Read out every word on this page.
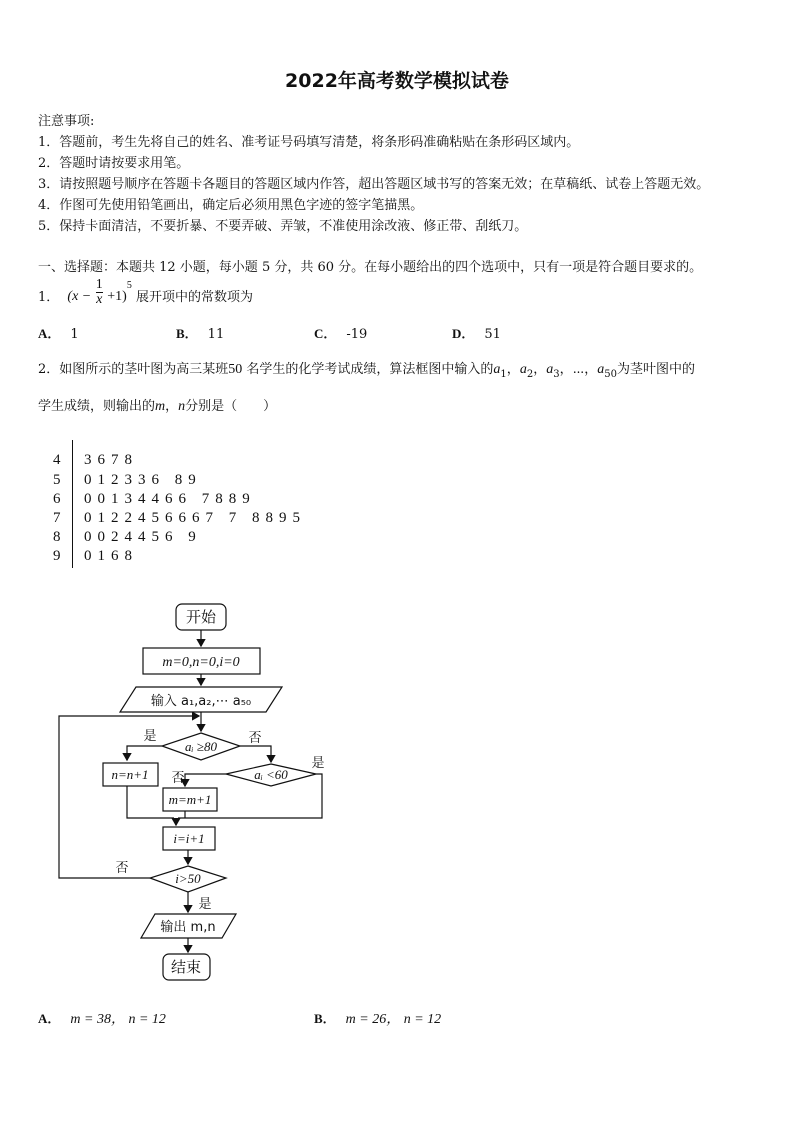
2022年高考数学模拟试卷
注意事项:
1．答题前，考生先将自己的姓名、准考证号码填写清楚，将条形码准确粘贴在条形码区域内。
2．答题时请按要求用笔。
3．请按照题号顺序在答题卡各题目的答题区域内作答，超出答题区域书写的答案无效；在草稿纸、试卷上答题无效。
4．作图可先使用铅笔画出，确定后必须用黑色字迹的签字笔描黑。
5．保持卡面清洁，不要折暴、不要弄破、弄皱，不准使用涂改液、修正带、刮纸刀。
一、选择题：本题共 12 小题，每小题 5 分，共 60 分。在每小题给出的四个选项中，只有一项是符合题目要求的。
1． $(x - \frac{1}{x} +1)^5$ 展开项中的常数项为
A． 1	B． 11	C． -19	D． 51
2．如图所示的茎叶图为高三某班50 名学生的化学考试成绩，算法框图中输入的$a_1$，$a_2$，$a_3$，⋯，$a_{50}$为茎叶图中的
学生成绩，则输出的m，n分别是（　　）
4	3678
5	012336 89
6	00134466 7889
7	0122456667 7 8895
8	0024456 9
9	0168
开始
m=0,n=0,i=0
输入 a₁,a₂,⋯ a₅₀
aᵢ ≥80
是	否
n=n+1	aᵢ <60
否
是
m=m+1
i=i+1
i>50
否
是
输出 m,n
结束
A． m = 38， n = 12	B． m = 26， n = 12
